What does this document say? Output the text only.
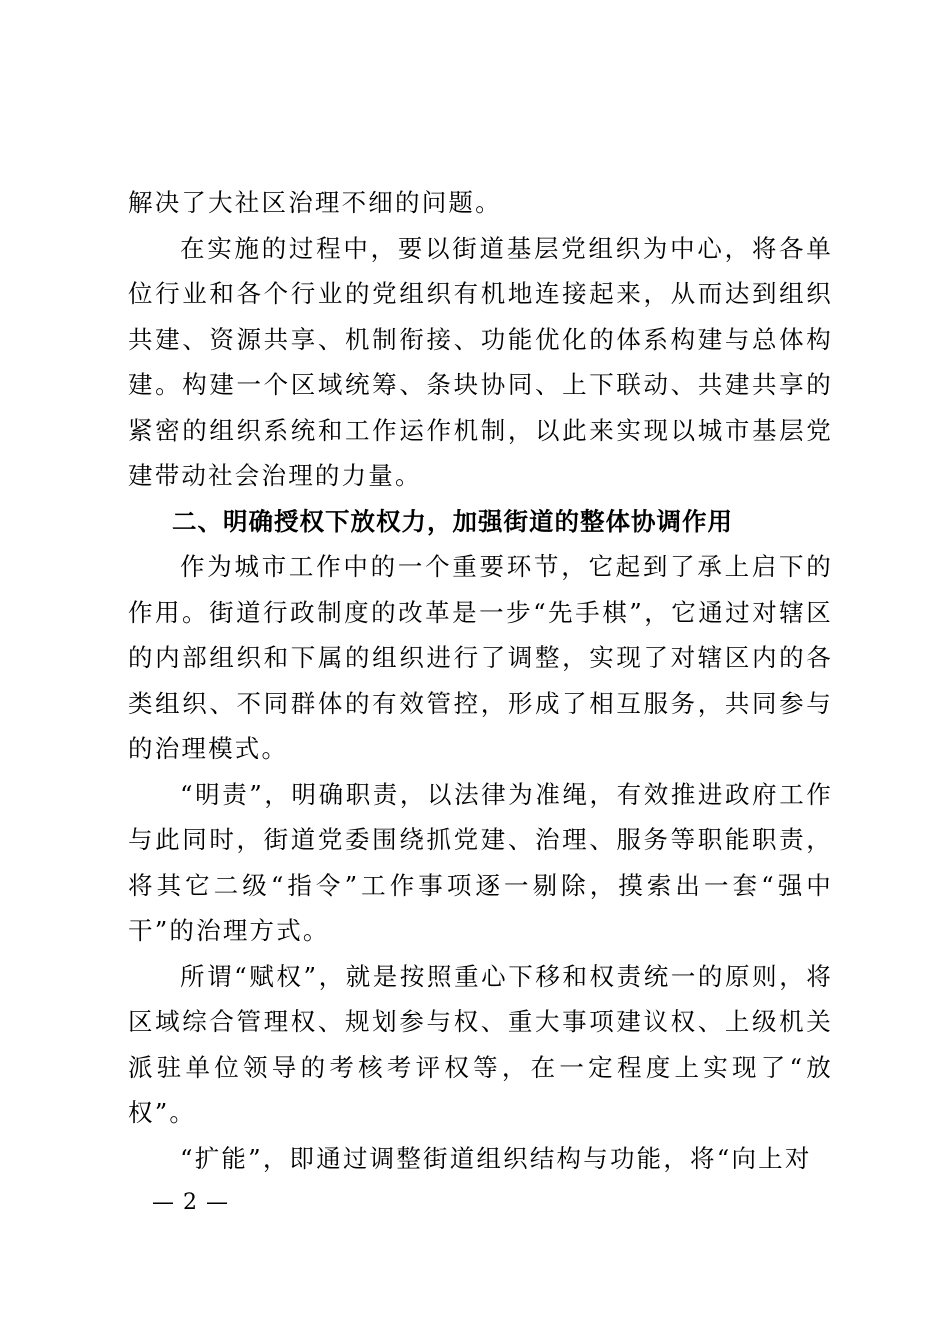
解决了大社区治理不细的问题。

在实施的过程中，要以街道基层党组织为中心，将各单位行业和各个行业的党组织有机地连接起来，从而达到组织共建、资源共享、机制衔接、功能优化的体系构建与总体构建。构建一个区域统筹、条块协同、上下联动、共建共享的紧密的组织系统和工作运作机制，以此来实现以城市基层党建带动社会治理的力量。

二、明确授权下放权力，加强街道的整体协调作用

作为城市工作中的一个重要环节，它起到了承上启下的作用。街道行政制度的改革是一步“先手棋”，它通过对辖区的内部组织和下属的组织进行了调整，实现了对辖区内的各类组织、不同群体的有效管控，形成了相互服务，共同参与的治理模式。

“明责”，明确职责，以法律为准绳，有效推进政府工作与此同时，街道党委围绕抓党建、治理、服务等职能职责，将其它二级“指令”工作事项逐一剔除，摸索出一套“强中干”的治理方式。

所谓“赋权”，就是按照重心下移和权责统一的原则，将区域综合管理权、规划参与权、重大事项建议权、上级机关派驻单位领导的考核考评权等，在一定程度上实现了“放权”。

“扩能”，即通过调整街道组织结构与功能，将“向上对

— 2 —
